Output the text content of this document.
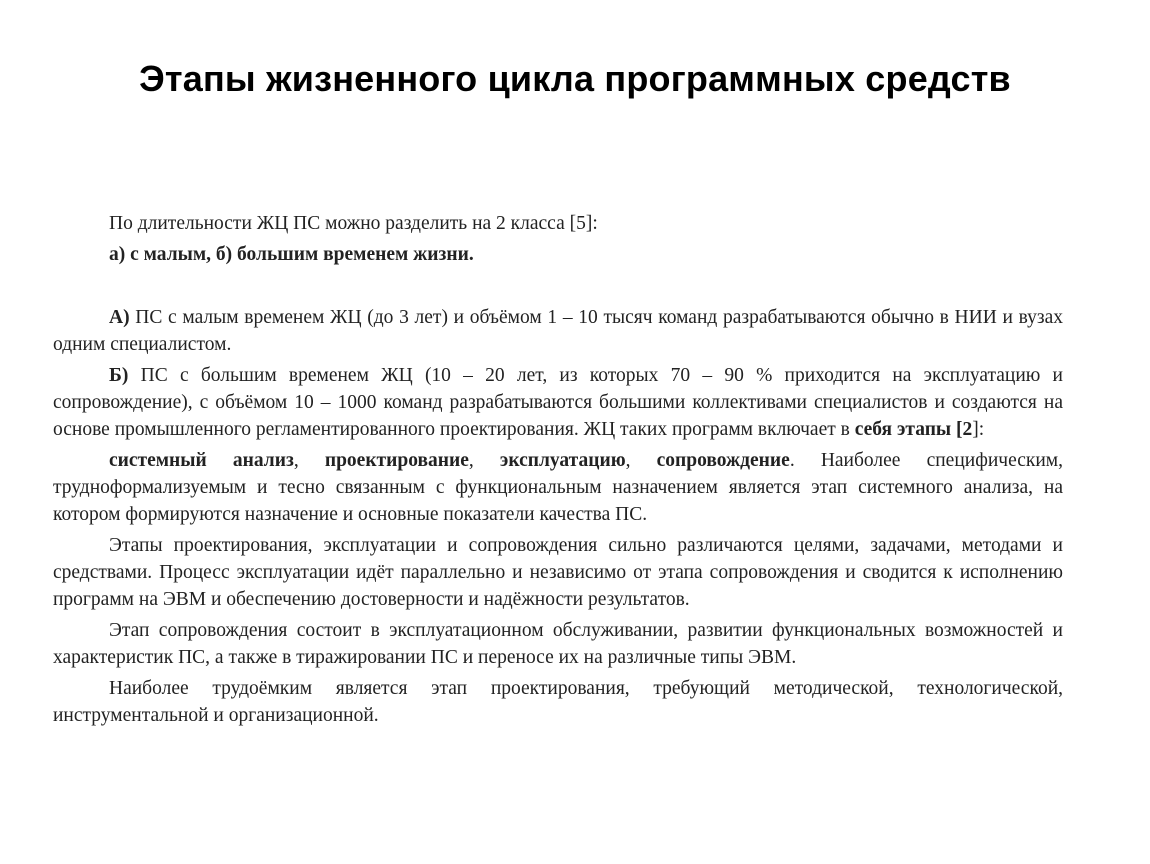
Этапы жизненного цикла программных средств

По длительности ЖЦ ПС можно разделить на 2 класса [5]:

а) с малым, б) большим временем жизни.

А) ПС с малым временем ЖЦ (до 3 лет) и объёмом 1 – 10 тысяч команд разрабатываются обычно в НИИ и вузах одним специалистом.

Б) ПС с большим временем ЖЦ (10 – 20 лет, из которых 70 – 90 % приходится на эксплуатацию и сопровождение), с объёмом 10 – 1000 команд разрабатываются большими коллективами специалистов и создаются на основе промышленного регламентированного проектирования. ЖЦ таких программ включает в себя этапы [2]:

системный анализ, проектирование, эксплуатацию, сопровождение. Наиболее специфическим, трудноформализуемым и тесно связанным с функциональным назначением является этап системного анализа, на котором формируются назначение и основные показатели качества ПС.

Этапы проектирования, эксплуатации и сопровождения сильно различаются целями, задачами, методами и средствами. Процесс эксплуатации идёт параллельно и независимо от этапа сопровождения и сводится к исполнению программ на ЭВМ и обеспечению достоверности и надёжности результатов.

Этап сопровождения состоит в эксплуатационном обслуживании, развитии функциональных возможностей и характеристик ПС, а также в тиражировании ПС и переносе их на различные типы ЭВМ.

Наиболее трудоёмким является этап проектирования, требующий методической, технологической, инструментальной и организационной.
